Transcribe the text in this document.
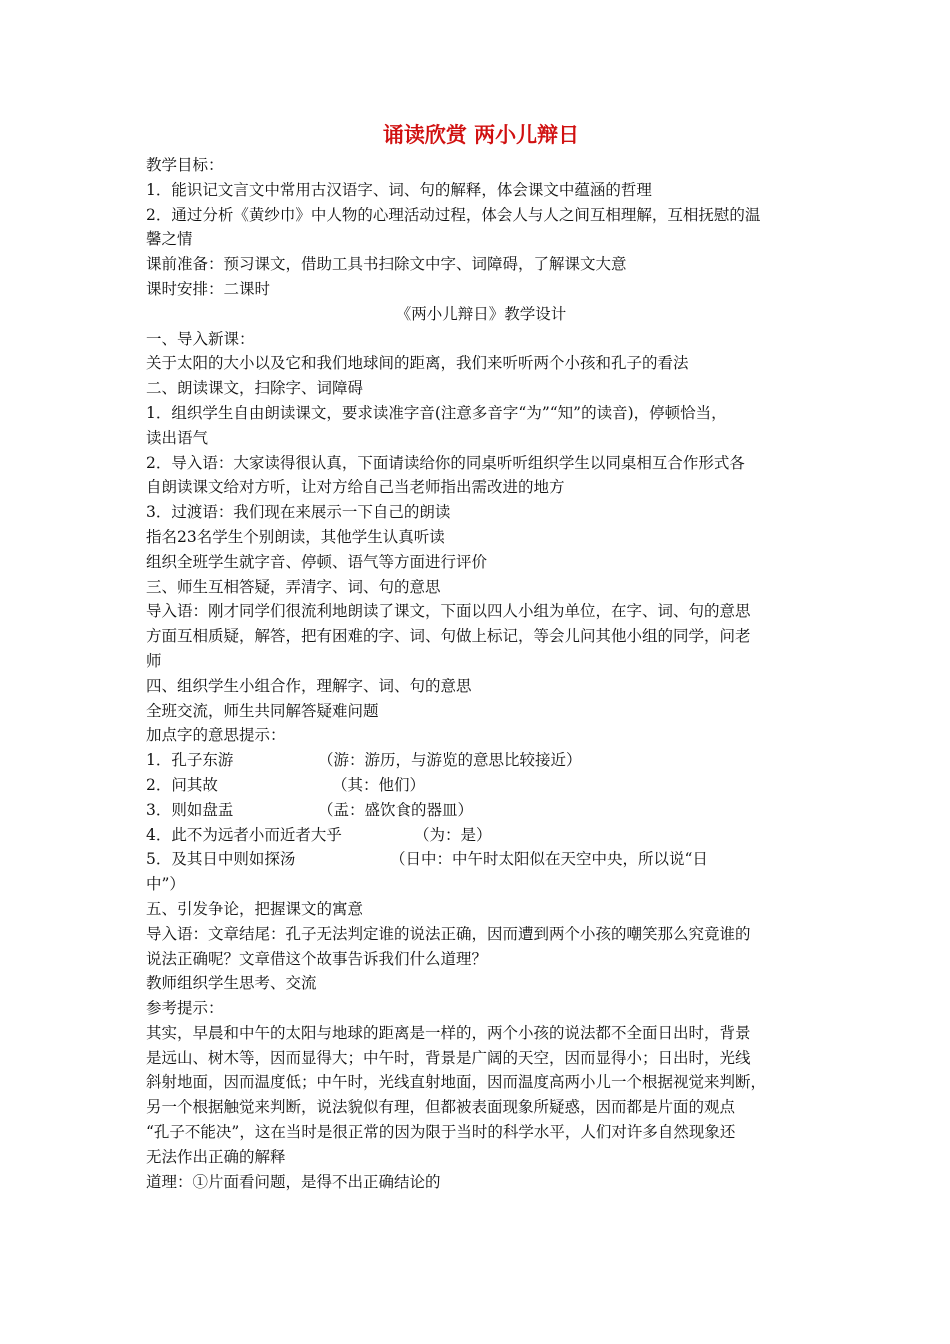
诵读欣赏 两小儿辩日
教学目标：
1．能识记文言文中常用古汉语字、词、句的解释，体会课文中蕴涵的哲理
2．通过分析《黄纱巾》中人物的心理活动过程，体会人与人之间互相理解，互相抚慰的温
馨之情
课前准备：预习课文，借助工具书扫除文中字、词障碍，了解课文大意
课时安排：二课时
《两小儿辩日》教学设计
一、导入新课：
关于太阳的大小以及它和我们地球间的距离，我们来听听两个小孩和孔子的看法
二、朗读课文，扫除字、词障碍
1．组织学生自由朗读课文，要求读准字音(注意多音字“为”“知”的读音)，停顿恰当，
读出语气
2．导入语：大家读得很认真，下面请读给你的同桌听听组织学生以同桌相互合作形式各
自朗读课文给对方听，让对方给自己当老师指出需改进的地方
3．过渡语：我们现在来展示一下自己的朗读
指名23名学生个别朗读，其他学生认真听读
组织全班学生就字音、停顿、语气等方面进行评价
三、师生互相答疑，弄清字、词、句的意思
导入语：刚才同学们很流利地朗读了课文，下面以四人小组为单位，在字、词、句的意思
方面互相质疑，解答，把有困难的字、词、句做上标记，等会儿问其他小组的同学，问老
师
四、组织学生小组合作，理解字、词、句的意思
全班交流，师生共同解答疑难问题
加点字的意思提示：
1．孔子东游	（游：游历，与游览的意思比较接近）
2．问其故	（其：他们）
3．则如盘盂	（盂：盛饮食的器皿）
4．此不为远者小而近者大乎	（为：是）
5．及其日中则如探汤	（日中：中午时太阳似在天空中央，所以说“日
中”）
五、引发争论，把握课文的寓意
导入语：文章结尾：孔子无法判定谁的说法正确，因而遭到两个小孩的嘲笑那么究竟谁的
说法正确呢？文章借这个故事告诉我们什么道理？
教师组织学生思考、交流
参考提示：
其实，早晨和中午的太阳与地球的距离是一样的，两个小孩的说法都不全面日出时，背景
是远山、树木等，因而显得大；中午时，背景是广阔的天空，因而显得小；日出时，光线
斜射地面，因而温度低；中午时，光线直射地面，因而温度高两小儿一个根据视觉来判断，
另一个根据触觉来判断，说法貌似有理，但都被表面现象所疑惑，因而都是片面的观点
“孔子不能决”，这在当时是很正常的因为限于当时的科学水平，人们对许多自然现象还
无法作出正确的解释
道理：①片面看问题，是得不出正确结论的
